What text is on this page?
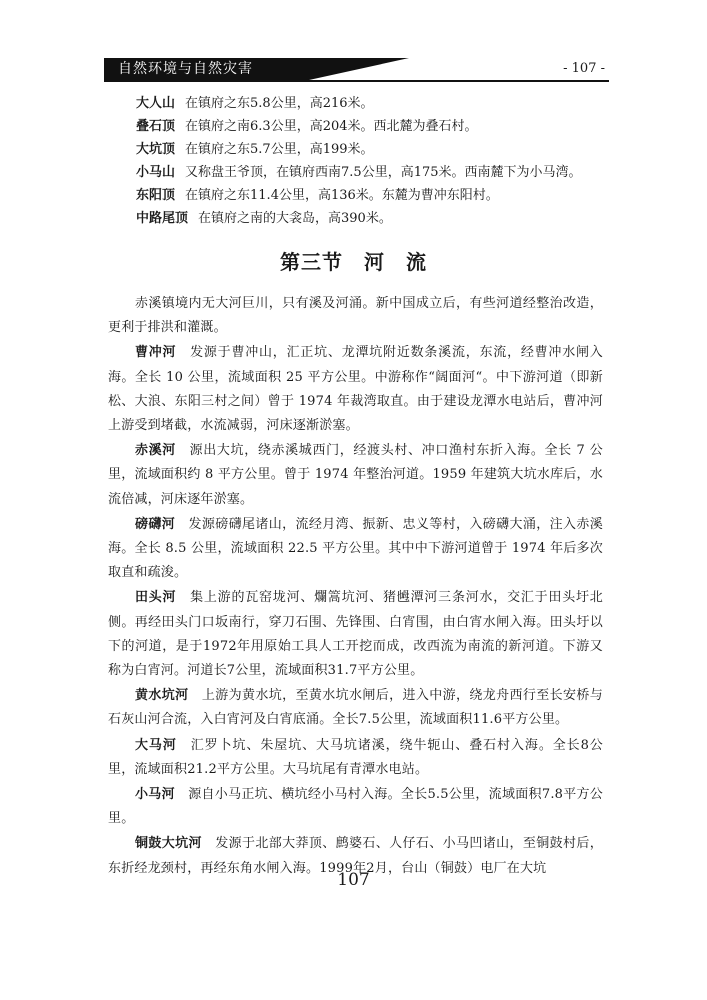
自然环境与自然灾害	- 107 -
大人山 在镇府之东5.8公里，高216米。
叠石顶 在镇府之南6.3公里，高204米。西北麓为叠石村。
大坑顶 在镇府之东5.7公里，高199米。
小马山 又称盘王爷顶，在镇府西南7.5公里，高175米。西南麓下为小马湾。
东阳顶 在镇府之东11.4公里，高136米。东麓为曹冲东阳村。
中路尾顶 在镇府之南的大衾岛，高390米。
第三节　河　流

赤溪镇境内无大河巨川，只有溪及河涌。新中国成立后，有些河道经整治改造，更利于排洪和灌溉。

曹冲河　 发源于曹冲山，汇正坑、龙潭坑附近数条溪流，东流，经曹冲水闸入海。全长 10 公里，流域面积 25 平方公里。中游称作“阔面河“。中下游河道（即新松、大浪、东阳三村之间）曾于 1974 年裁湾取直。由于建设龙潭水电站后，曹冲河上游受到堵截，水流减弱，河床逐渐淤塞。

赤溪河　 源出大坑，绕赤溪城西门，经渡头村、冲口渔村东折入海。全长 7 公里，流域面积约 8 平方公里。曾于 1974 年整治河道。1959 年建筑大坑水库后，水流倍减，河床逐年淤塞。

磅礴河　 发源磅礴尾诸山，流经月湾、振新、忠义等村，入磅礴大涌，注入赤溪海。全长 8.5 公里，流域面积 22.5 平方公里。其中中下游河道曾于 1974 年后多次取直和疏浚。

田头河　 集上游的瓦窑垅河、爛篙坑河、猪乸潭河三条河水，交汇于田头圩北侧。再经田头门口坂南行，穿刀石围、先锋围、白宵围，由白宵水闸入海。田头圩以下的河道，是于1972年用原始工具人工开挖而成，改西流为南流的新河道。下游又称为白宵河。河道长7公里，流域面积31.7平方公里。

黄水坑河　 上游为黄水坑，至黄水坑水闸后，进入中游，绕龙舟西行至长安桥与石灰山河合流，入白宵河及白宵底涌。全长7.5公里，流域面积11.6平方公里。

大马河　 汇罗卜坑、朱屋坑、大马坑诸溪，绕牛轭山、叠石村入海。全长8公里，流域面积21.2平方公里。大马坑尾有青潭水电站。

小马河　 源自小马正坑、横坑经小马村入海。全长5.5公里，流域面积7.8平方公里。

铜鼓大坑河　 发源于北部大莽顶、鹧婆石、人仔石、小马凹诸山，至铜鼓村后，东折经龙颈村，再经东角水闸入海。1999年2月，台山（铜鼓）电厂在大坑

107
